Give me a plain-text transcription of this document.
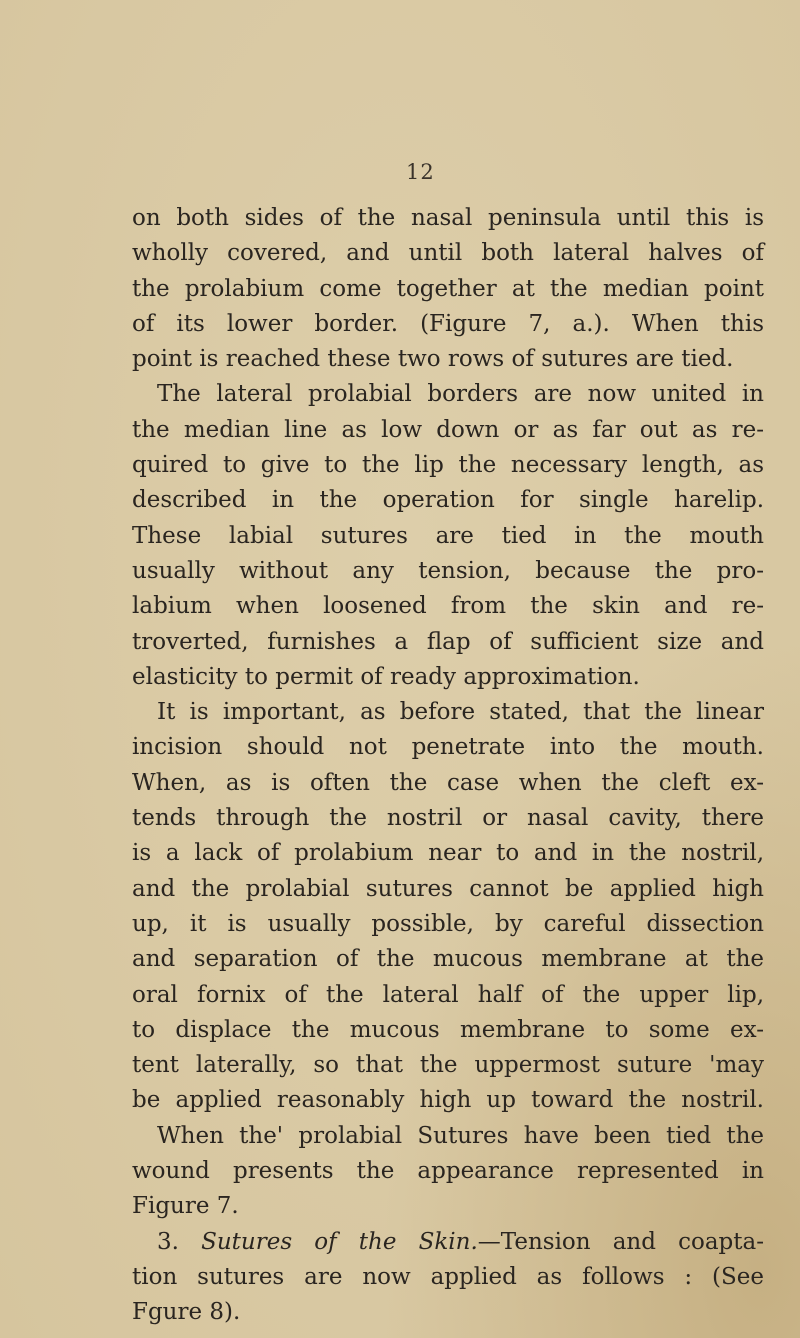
12
on both sides of the nasal peninsula until this is
wholly covered, and until both lateral halves of
the prolabium come together at the median point
of its lower border. (Figure 7, a.). When this
point is reached these two rows of sutures are tied.
The lateral prolabial borders are now united in
the median line as low down or as far out as re-
quired to give to the lip the necessary length, as
described in the operation for single harelip.
These labial sutures are tied in the mouth
usually without any tension, because the pro-
labium when loosened from the skin and re-
troverted, furnishes a flap of sufficient size and
elasticity to permit of ready approximation.
It is important, as before stated, that the linear
incision should not penetrate into the mouth.
When, as is often the case when the cleft ex-
tends through the nostril or nasal cavity, there
is a lack of prolabium near to and in the nostril,
and the prolabial sutures cannot be applied high
up, it is usually possible, by careful dissection
and separation of the mucous membrane at the
oral fornix of the lateral half of the upper lip,
to displace the mucous membrane to some ex-
tent laterally, so that the uppermost suture 'may
be applied reasonably high up toward the nostril.
When the' prolabial Sutures have been tied the
wound presents the appearance represented in
Figure 7.
3. Sutures of the Skin.—Tension and coapta-
tion sutures are now applied as follows : (See
Fgure 8).
